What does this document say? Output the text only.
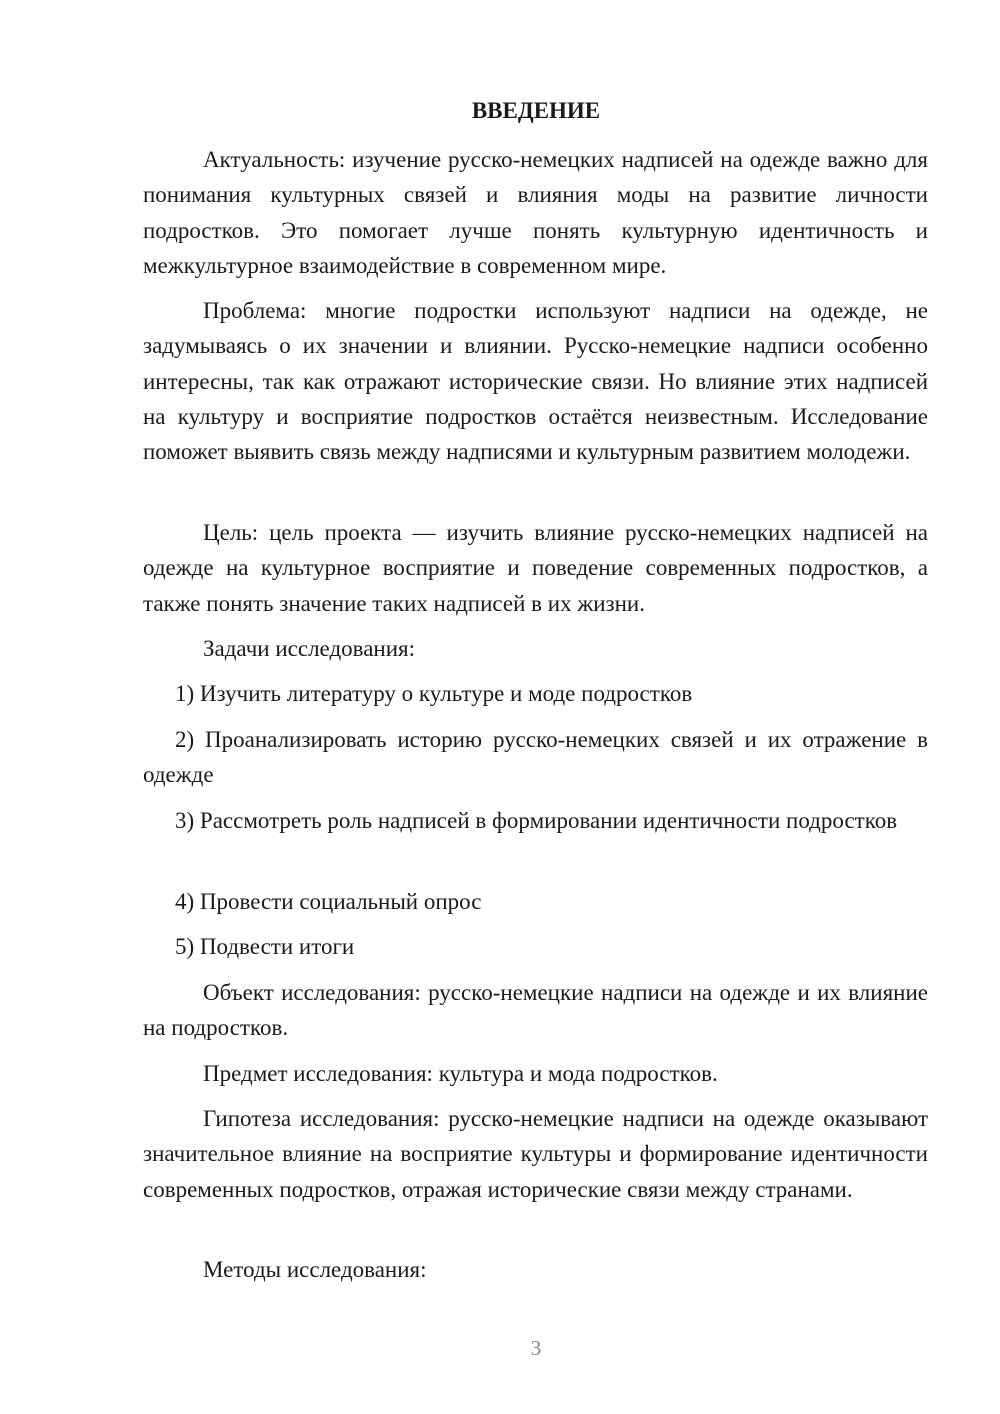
ВВЕДЕНИЕ

Актуальность: изучение русско-немецких надписей на одежде важно для понимания культурных связей и влияния моды на развитие личности подростков. Это помогает лучше понять культурную идентичность и межкультурное взаимодействие в современном мире.

Проблема: многие подростки используют надписи на одежде, не задумываясь о их значении и влиянии. Русско-немецкие надписи особенно интересны, так как отражают исторические связи. Но влияние этих надписей на культуру и восприятие подростков остаётся неизвестным. Исследование поможет выявить связь между надписями и культурным развитием молодежи.

Цель: цель проекта — изучить влияние русско-немецких надписей на одежде на культурное восприятие и поведение современных подростков, а также понять значение таких надписей в их жизни.

Задачи исследования:

1) Изучить литературу о культуре и моде подростков

2) Проанализировать историю русско-немецких связей и их отражение в одежде

3) Рассмотреть роль надписей в формировании идентичности подростков

4) Провести социальный опрос

5) Подвести итоги

Объект исследования: русско-немецкие надписи на одежде и их влияние на подростков.

Предмет исследования: культура и мода подростков.

Гипотеза исследования: русско-немецкие надписи на одежде оказывают значительное влияние на восприятие культуры и формирование идентичности современных подростков, отражая исторические связи между странами.

Методы исследования:

3
